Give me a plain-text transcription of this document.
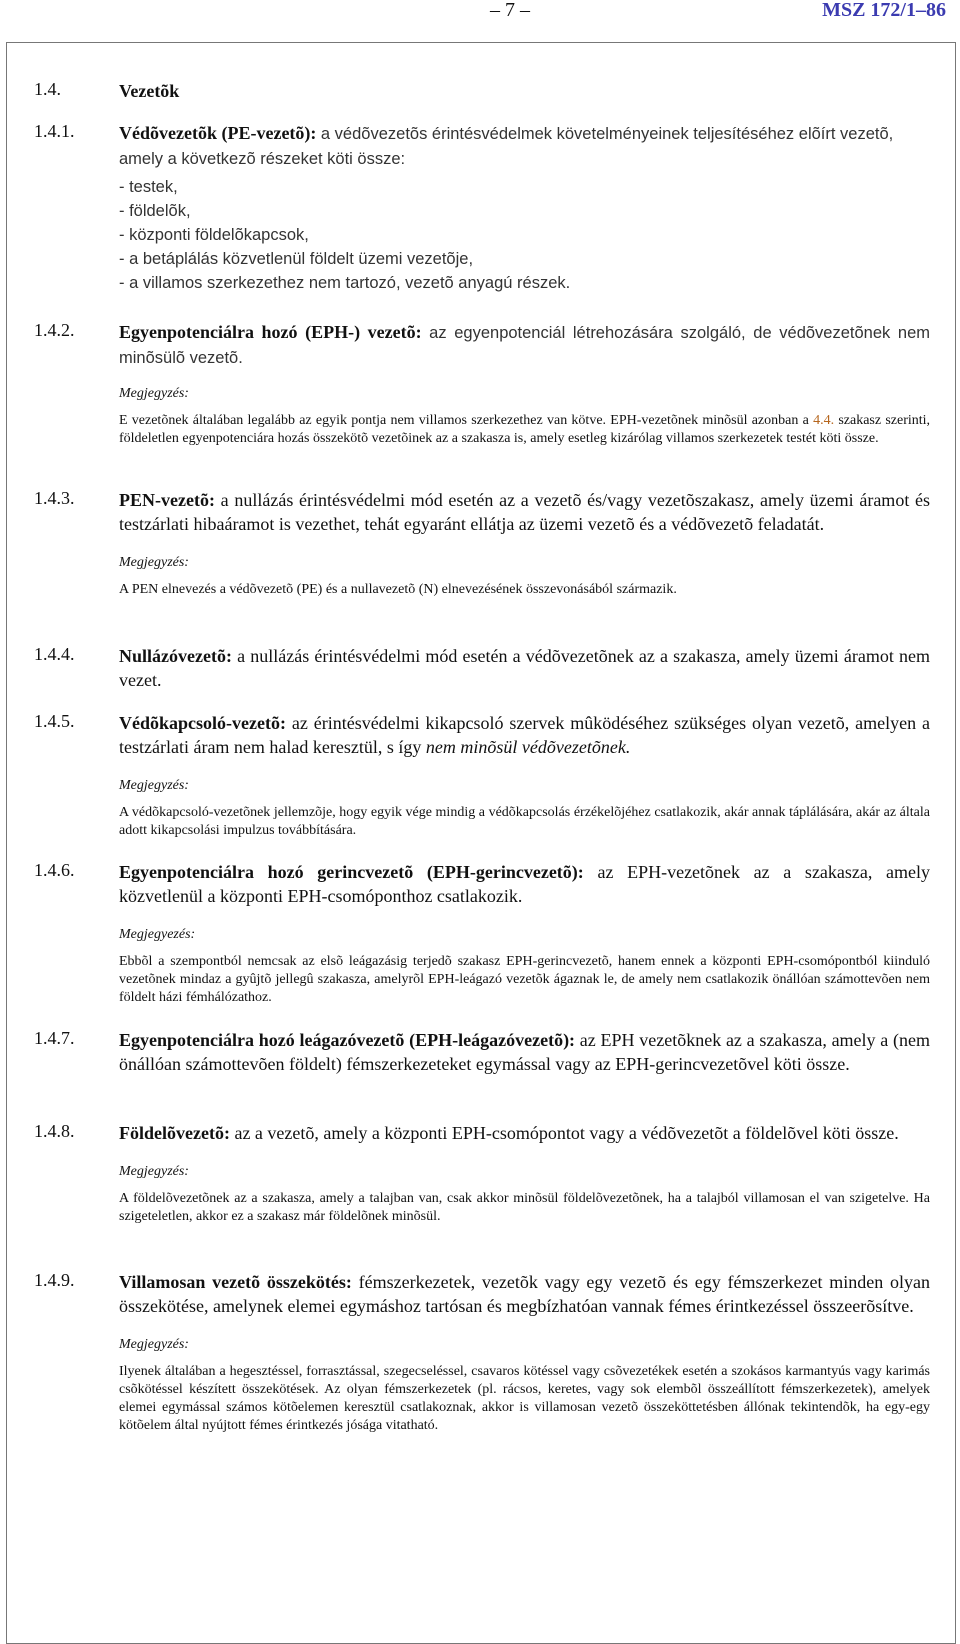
– 7 –	MSZ 172/1–86
1.4.	Vezetõk
1.4.1. Védõvezetõk (PE-vezetõ): a védõvezetõs érintésvédelmek követelményeinek teljesítéséhez elõírt vezetõ, amely a következõ részeket köti össze:
- testek,
- földelõk,
- központi földelõkapcsok,
- a betáplálás közvetlenül földelt üzemi vezetõje,
- a villamos szerkezethez nem tartozó, vezetõ anyagú részek.
1.4.2. Egyenpotenciálra hozó (EPH-) vezetõ: az egyenpotenciál létrehozására szolgáló, de védõvezetõnek nem minõsülõ vezetõ.
Megjegyzés:
E vezetõnek általában legalább az egyik pontja nem villamos szerkezethez van kötve. EPH-vezetõnek minõsül azonban a 4.4. szakasz szerinti, földeletlen egyenpotenciára hozás összekötõ vezetõinek az a szakasza is, amely esetleg kizárólag villamos szerkezetek testét köti össze.
1.4.3. PEN-vezetõ: a nullázás érintésvédelmi mód esetén az a vezetõ és/vagy vezetõszakasz, amely üzemi áramot és testzárlati hibaáramot is vezethet, tehát egyaránt ellátja az üzemi vezetõ és a védõvezetõ feladatát.
Megjegyzés:
A PEN elnevezés a védõvezetõ (PE) és a nullavezetõ (N) elnevezésének összevonásából származik.
1.4.4. Nullázóvezetõ: a nullázás érintésvédelmi mód esetén a védõvezetõnek az a szakasza, amely üzemi áramot nem vezet.
1.4.5. Védõkapcsoló-vezetõ: az érintésvédelmi kikapcsoló szervek mûködéséhez szükséges olyan vezetõ, amelyen a testzárlati áram nem halad keresztül, s így nem minõsül védõvezetõnek.
Megjegyzés:
A védõkapcsoló-vezetõnek jellemzõje, hogy egyik vége mindig a védõkapcsolás érzékelõjéhez csatlakozik, akár annak táplálására, akár az általa adott kikapcsolási impulzus továbbítására.
1.4.6. Egyenpotenciálra hozó gerincvezetõ (EPH-gerincvezetõ): az EPH-vezetõnek az a szakasza, amely közvetlenül a központi EPH-csomóponthoz csatlakozik.
Megjegyezés:
Ebbõl a szempontból nemcsak az elsõ leágazásig terjedõ szakasz EPH-gerincvezetõ, hanem ennek a központi EPH-csomópontból kiinduló vezetõnek mindaz a gyûjtõ jellegû szakasza, amelyrõl EPH-leágazó vezetõk ágaznak le, de amely nem csatlakozik önállóan számottevõen nem földelt házi fémhálózathoz.
1.4.7. Egyenpotenciálra hozó leágazóvezetõ (EPH-leágazóvezetõ): az EPH vezetõknek az a szakasza, amely a (nem önállóan számottevõen földelt) fémszerkezeteket egymással vagy az EPH-gerincvezetõvel köti össze.
1.4.8. Földelõvezetõ: az a vezetõ, amely a központi EPH-csomópontot vagy a védõvezetõt a földelõvel köti össze.
Megjegyzés:
A földelõvezetõnek az a szakasza, amely a talajban van, csak akkor minõsül földelõvezetõnek, ha a talajból villamosan el van szigetelve. Ha szigeteletlen, akkor ez a szakasz már földelõnek minõsül.
1.4.9. Villamosan vezetõ összekötés: fémszerkezetek, vezetõk vagy egy vezetõ és egy fémszerkezet minden olyan összekötése, amelynek elemei egymáshoz tartósan és megbízhatóan vannak fémes érintkezéssel összeerõsítve.
Megjegyzés:
Ilyenek általában a hegesztéssel, forrasztással, szegecseléssel, csavaros kötéssel vagy csõvezetékek esetén a szokásos karmantyús vagy karimás csõkötéssel készített összekötések. Az olyan fémszerkezetek (pl. rácsos, keretes, vagy sok elembõl összeállított fémszerkezetek), amelyek elemei egymással számos kötõelemen keresztül csatlakoznak, akkor is villamosan vezetõ összeköttetésben állónak tekintendõk, ha egy-egy kötõelem által nyújtott fémes érintkezés jósága vitatható.
